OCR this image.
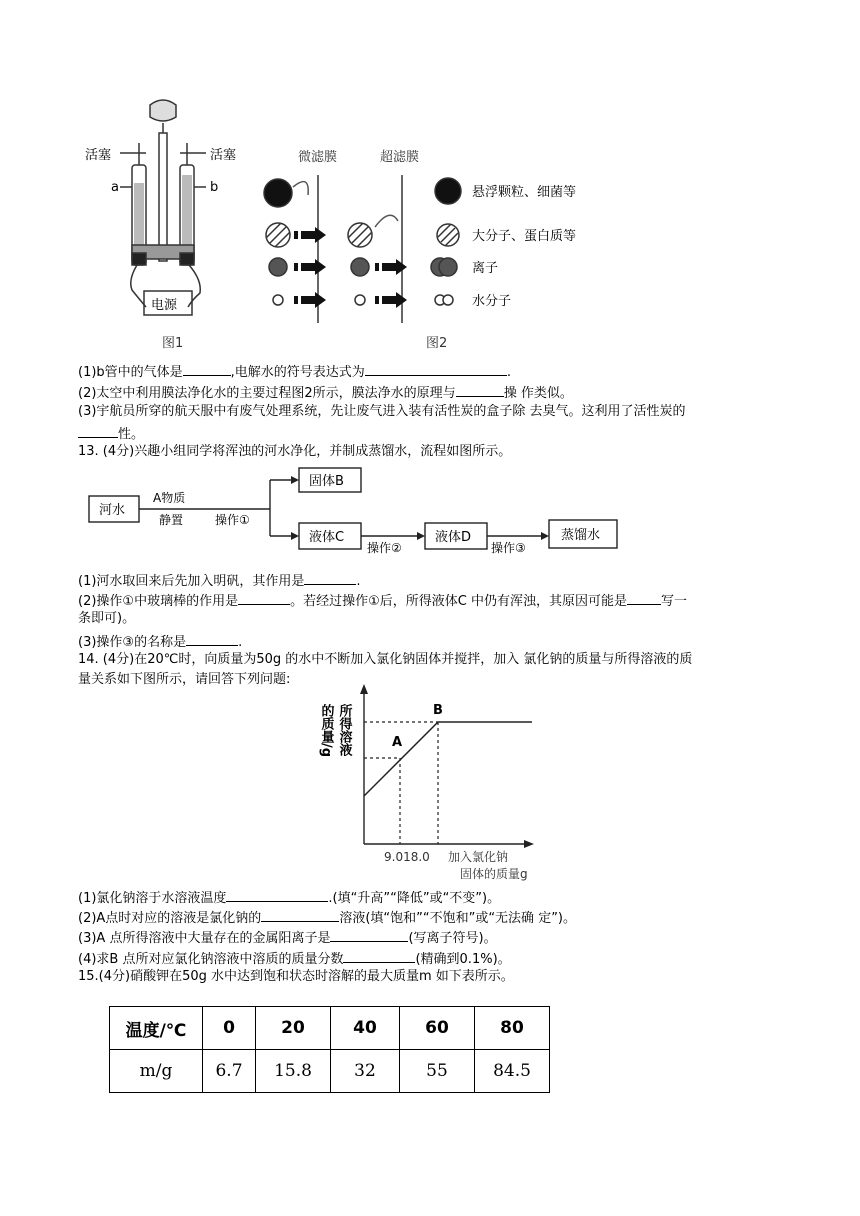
活塞	活塞
a	b
电源
图1
微滤膜	超滤膜
悬浮颗粒、细菌等
大分子、蛋白质等
离子
水分子
图2
(1)b管中的气体是	,电解水的符号表达式为	.
(2)太空中利用膜法净化水的主要过程图2所示，膜法净水的原理与	操 作类似。
(3)宇航员所穿的航天服中有废气处理系统，先让废气进入装有活性炭的盒子除 去臭气。这利用了活性炭的
性。
13. (4分)兴趣小组同学将浑浊的河水净化，并制成蒸馏水，流程如图所示。
河水
A物质
静置	操作①
固体B
液体C
操作②
液体D
操作③
蒸馏水
(1)河水取回来后先加入明矾，其作用是	.
(2)操作①中玻璃棒的作用是	。若经过操作①后，所得液体C 中仍有浑浊，其原因可能是	写一
条即可)。
(3)操作③的名称是	.
14. (4分)在20℃时，向质量为50g 的水中不断加入氯化钠固体并搅拌，加入 氯化钠的质量与所得溶液的质
量关系如下图所示，请回答下列问题:
A
B
的质量/g 所得溶液
9.018.0 加入氯化钠
固体的质量g
(1)氯化钠溶于水溶液温度	.(填“升高”“降低”或“不变”)。
(2)A点时对应的溶液是氯化钠的	溶液(填“饱和”“不饱和”或“无法确 定”)。
(3)A 点所得溶液中大量存在的金属阳离子是	(写离子符号)。
(4)求B 点所对应氯化钠溶液中溶质的质量分数	(精确到0.1%)。
15.(4分)硝酸钾在50g 水中达到饱和状态时溶解的最大质量m 如下表所示。
温度/℃	0	20	40	60	80
m/g	6.7	15.8	32	55	84.5
